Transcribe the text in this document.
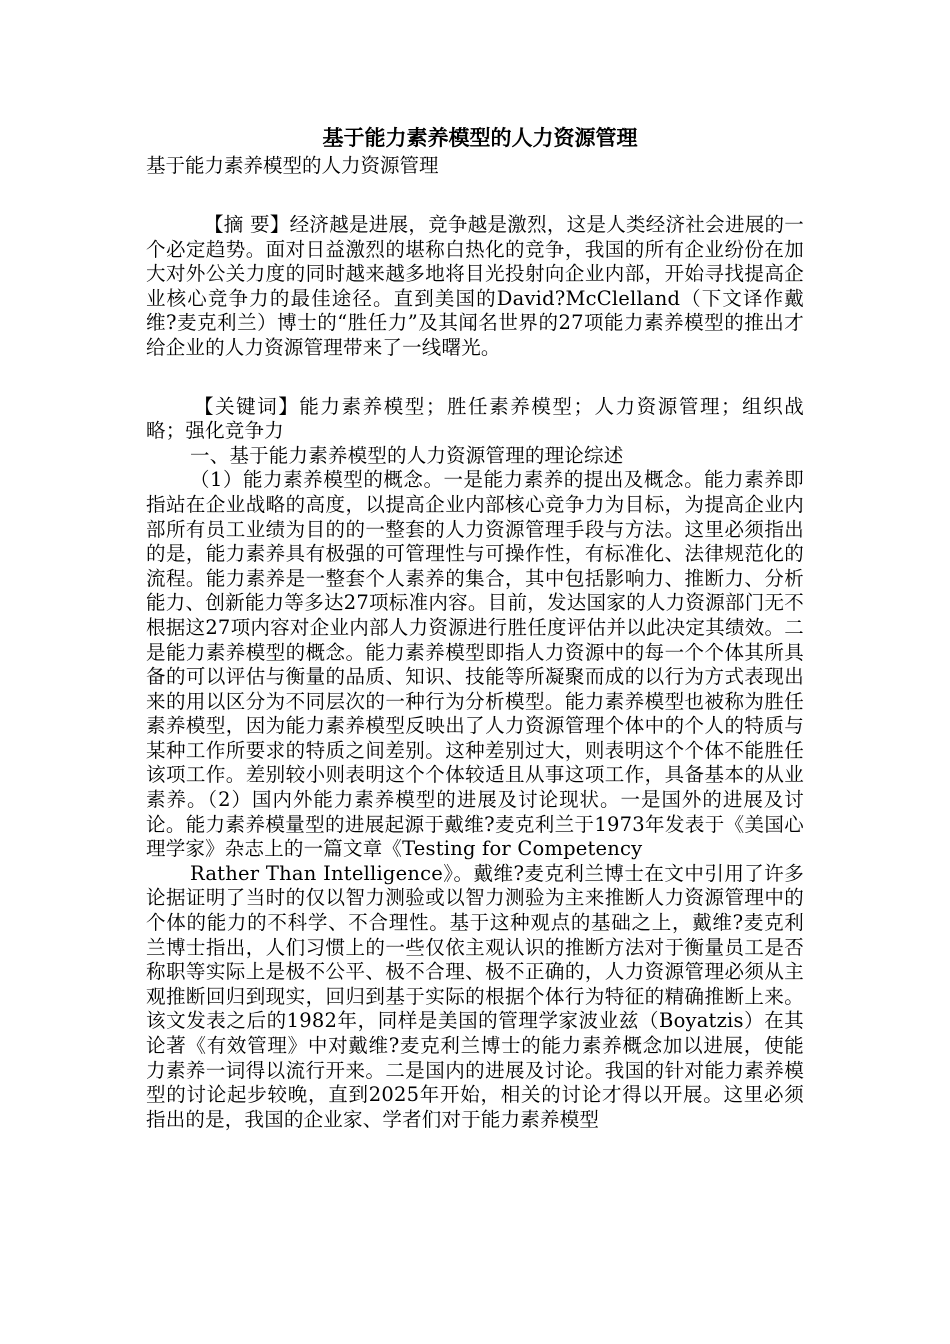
基于能力素养模型的人力资源管理

基于能力素养模型的人力资源管理

【摘 要】经济越是进展，竞争越是激烈，这是人类经济社会进展的一个必定趋势。面对日益激烈的堪称白热化的竞争，我国的所有企业纷份在加大对外公关力度的同时越来越多地将目光投射向企业内部，开始寻找提高企业核心竞争力的最佳途径。直到美国的David?McClelland（下文译作戴维?麦克利兰）博士的“胜任力”及其闻名世界的27项能力素养模型的推出才给企业的人力资源管理带来了一线曙光。

【关键词】能力素养模型；胜任素养模型；人力资源管理；组织战略；强化竞争力

一、基于能力素养模型的人力资源管理的理论综述

（1）能力素养模型的概念。一是能力素养的提出及概念。能力素养即指站在企业战略的高度，以提高企业内部核心竞争力为目标，为提高企业内部所有员工业绩为目的的一整套的人力资源管理手段与方法。这里必须指出的是，能力素养具有极强的可管理性与可操作性，有标准化、法律规范化的流程。能力素养是一整套个人素养的集合，其中包括影响力、推断力、分析能力、创新能力等多达27项标准内容。目前，发达国家的人力资源部门无不根据这27项内容对企业内部人力资源进行胜任度评估并以此决定其绩效。二是能力素养模型的概念。能力素养模型即指人力资源中的每一个个体其所具备的可以评估与衡量的品质、知识、技能等所凝聚而成的以行为方式表现出来的用以区分为不同层次的一种行为分析模型。能力素养模型也被称为胜任素养模型，因为能力素养模型反映出了人力资源管理个体中的个人的特质与某种工作所要求的特质之间差别。这种差别过大，则表明这个个体不能胜任该项工作。差别较小则表明这个个体较适且从事这项工作，具备基本的从业素养。（2）国内外能力素养模型的进展及讨论现状。一是国外的进展及讨论。能力素养模量型的进展起源于戴维?麦克利兰于1973年发表于《美国心理学家》杂志上的一篇文章《Testing for Competency

Rather Than Intelligence》。戴维?麦克利兰博士在文中引用了许多论据证明了当时的仅以智力测验或以智力测验为主来推断人力资源管理中的个体的能力的不科学、不合理性。基于这种观点的基础之上，戴维?麦克利兰博士指出，人们习惯上的一些仅依主观认识的推断方法对于衡量员工是否称职等实际上是极不公平、极不合理、极不正确的，人力资源管理必须从主观推断回归到现实，回归到基于实际的根据个体行为特征的精确推断上来。该文发表之后的1982年，同样是美国的管理学家波业兹（Boyatzis）在其论著《有效管理》中对戴维?麦克利兰博士的能力素养概念加以进展，使能力素养一词得以流行开来。二是国内的进展及讨论。我国的针对能力素养模型的讨论起步较晚，直到2025年开始，相关的讨论才得以开展。这里必须指出的是，我国的企业家、学者们对于能力素养模型
